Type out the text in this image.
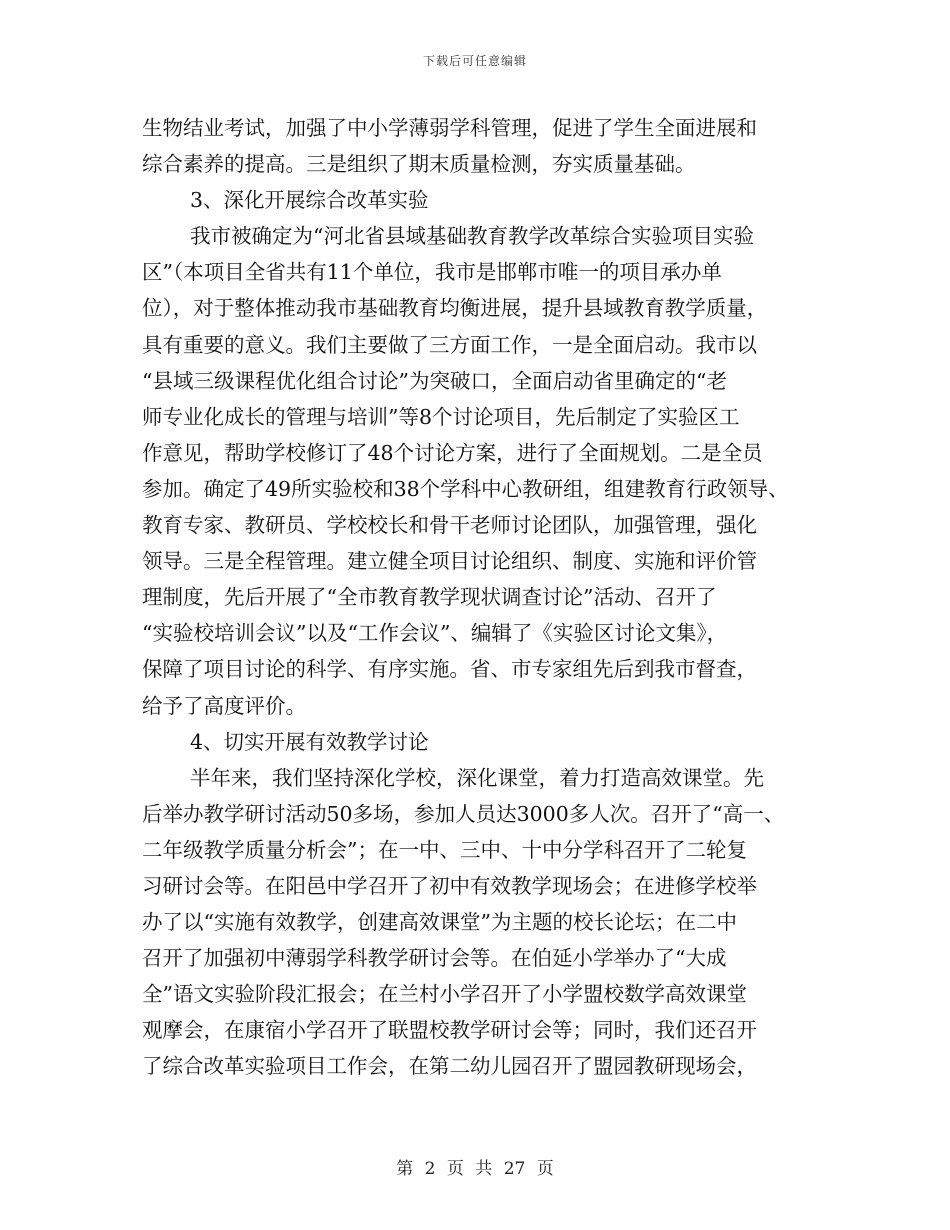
下载后可任意编辑
生物结业考试，加强了中小学薄弱学科管理，促进了学生全面进展和
综合素养的提高。三是组织了期末质量检测，夯实质量基础。
3、深化开展综合改革实验
我市被确定为“河北省县域基础教育教学改革综合实验项目实验
区”（本项目全省共有11个单位，我市是邯郸市唯一的项目承办单
位），对于整体推动我市基础教育均衡进展，提升县域教育教学质量，
具有重要的意义。我们主要做了三方面工作，一是全面启动。我市以
“县域三级课程优化组合讨论”为突破口，全面启动省里确定的“老
师专业化成长的管理与培训”等8个讨论项目，先后制定了实验区工
作意见，帮助学校修订了48个讨论方案，进行了全面规划。二是全员
参加。确定了49所实验校和38个学科中心教研组，组建教育行政领导、
教育专家、教研员、学校校长和骨干老师讨论团队，加强管理，强化
领导。三是全程管理。建立健全项目讨论组织、制度、实施和评价管
理制度，先后开展了“全市教育教学现状调查讨论”活动、召开了
“实验校培训会议”以及“工作会议”、编辑了《实验区讨论文集》，
保障了项目讨论的科学、有序实施。省、市专家组先后到我市督查，
给予了高度评价。
4、切实开展有效教学讨论
半年来，我们坚持深化学校，深化课堂，着力打造高效课堂。先
后举办教学研讨活动50多场，参加人员达3000多人次。召开了“高一、
二年级教学质量分析会”；在一中、三中、十中分学科召开了二轮复
习研讨会等。在阳邑中学召开了初中有效教学现场会；在进修学校举
办了以“实施有效教学，创建高效课堂”为主题的校长论坛；在二中
召开了加强初中薄弱学科教学研讨会等。在伯延小学举办了“大成
全”语文实验阶段汇报会；在兰村小学召开了小学盟校数学高效课堂
观摩会，在康宿小学召开了联盟校教学研讨会等；同时，我们还召开
了综合改革实验项目工作会，在第二幼儿园召开了盟园教研现场会，
第 2 页 共 27 页
